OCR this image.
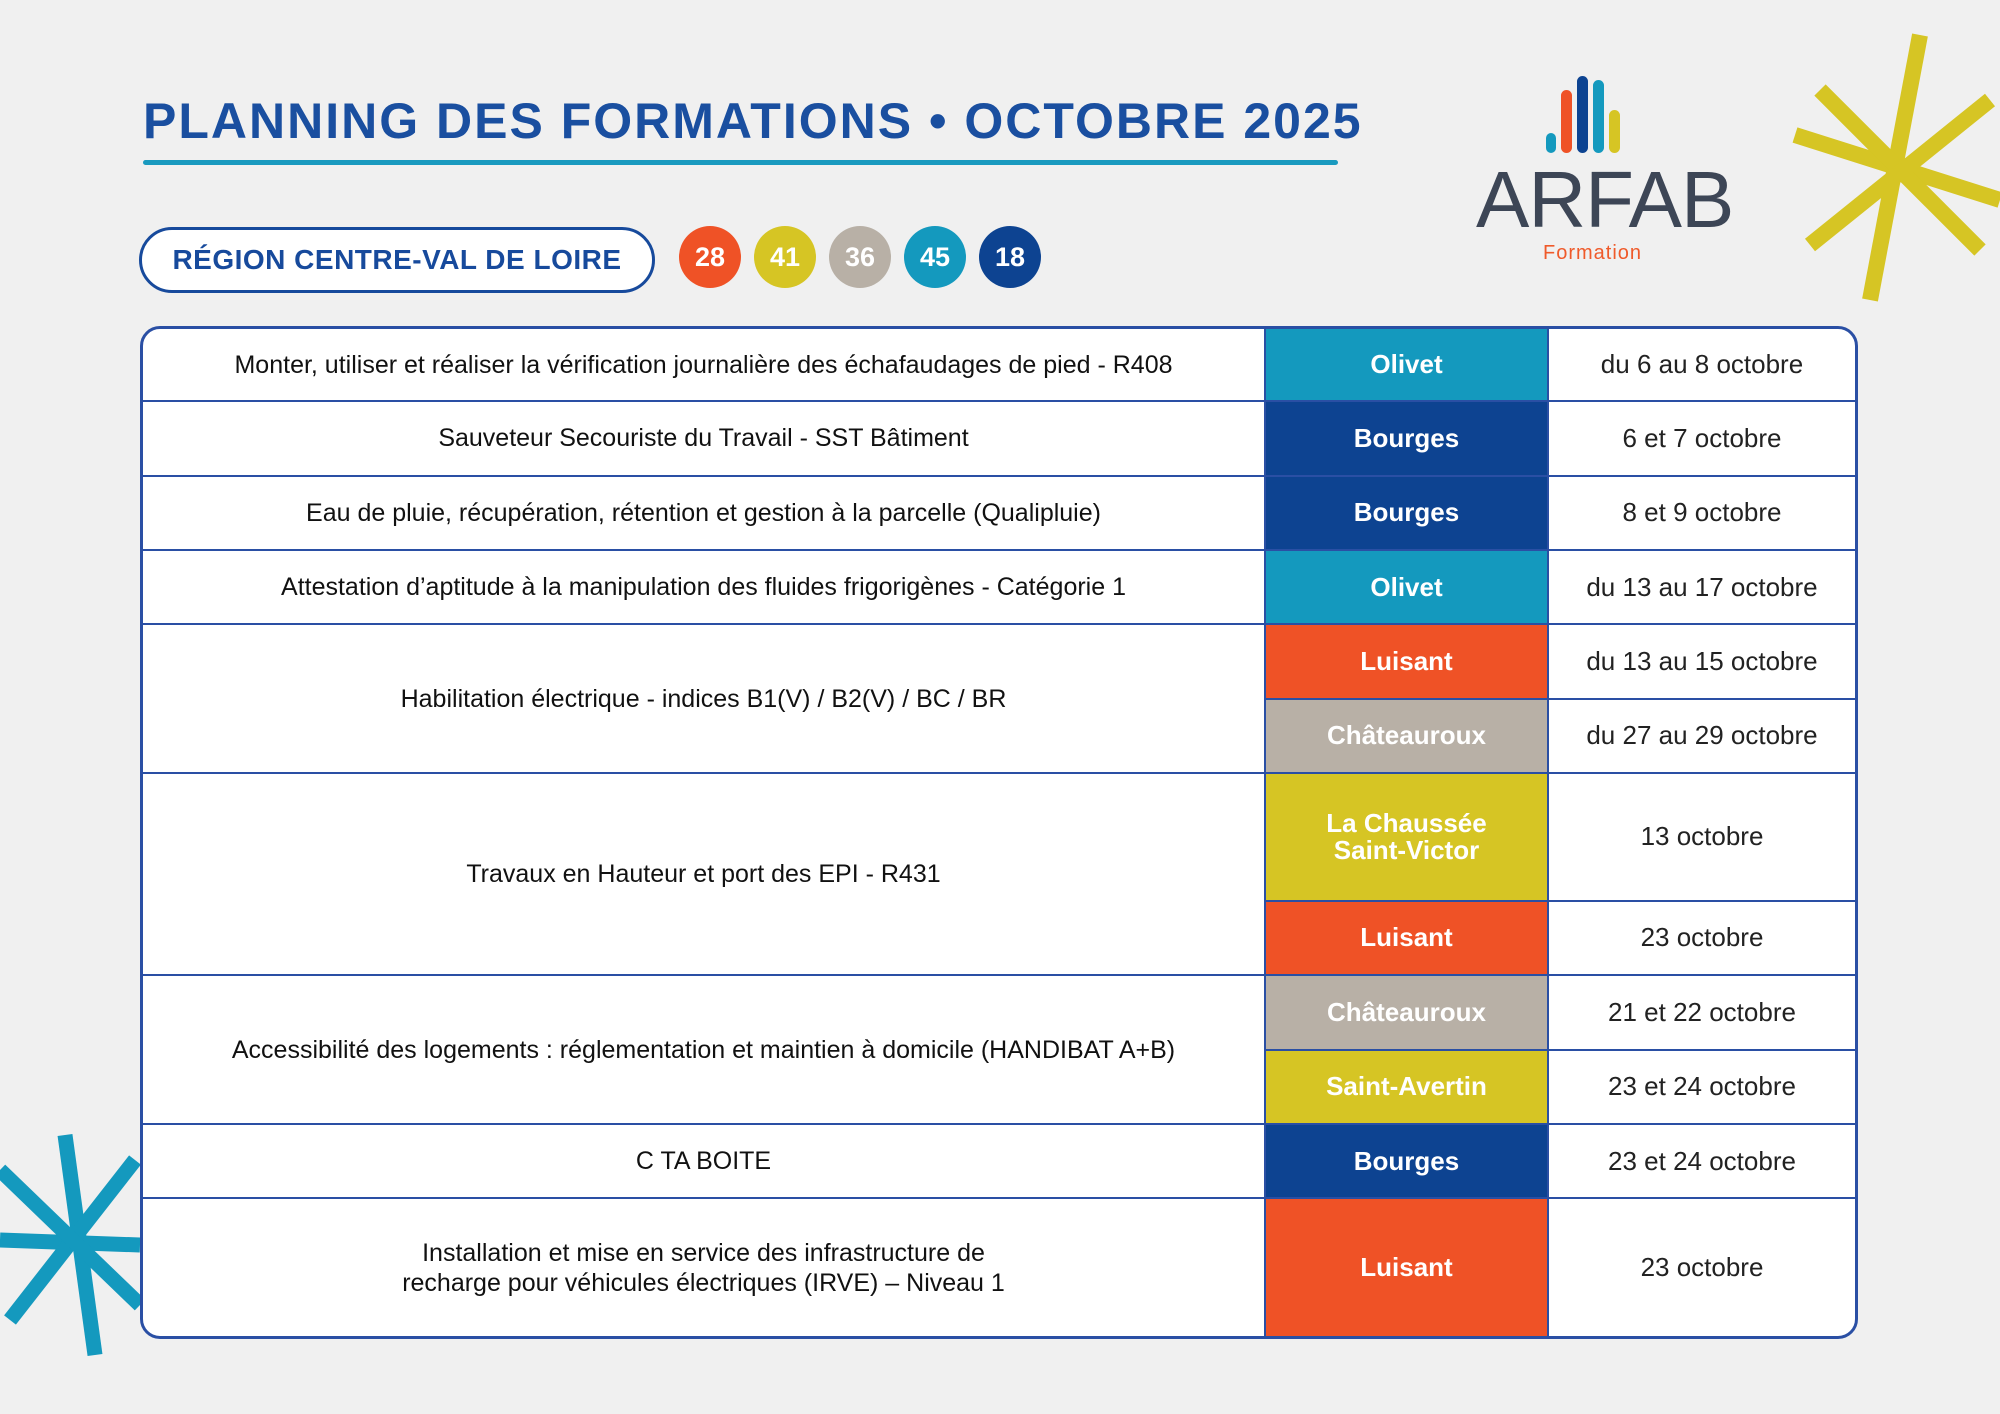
PLANNING DES FORMATIONS • OCTOBRE 2025
RÉGION CENTRE-VAL DE LOIRE	28	41	36	45	18
ARFAB
Formation
Monter, utiliser et réaliser la vérification journalière des échafaudages de pied - R408	Olivet	du 6 au 8 octobre
Sauveteur Secouriste du Travail - SST Bâtiment	Bourges	6 et 7 octobre
Eau de pluie, récupération, rétention et gestion à la parcelle (Qualipluie)	Bourges	8 et 9 octobre
Attestation d’aptitude à la manipulation des fluides frigorigènes - Catégorie 1	Olivet	du 13 au 17 octobre
Habilitation électrique - indices B1(V) / B2(V) / BC / BR	Luisant	du 13 au 15 octobre
	Châteauroux	du 27 au 29 octobre
Travaux en Hauteur et port des EPI - R431	La Chaussée Saint-Victor	13 octobre
	Luisant	23 octobre
Accessibilité des logements : réglementation et maintien à domicile (HANDIBAT A+B)	Châteauroux	21 et 22 octobre
	Saint-Avertin	23 et 24 octobre
C TA BOITE	Bourges	23 et 24 octobre
Installation et mise en service des infrastructure de recharge pour véhicules électriques (IRVE) – Niveau 1	Luisant	23 octobre
